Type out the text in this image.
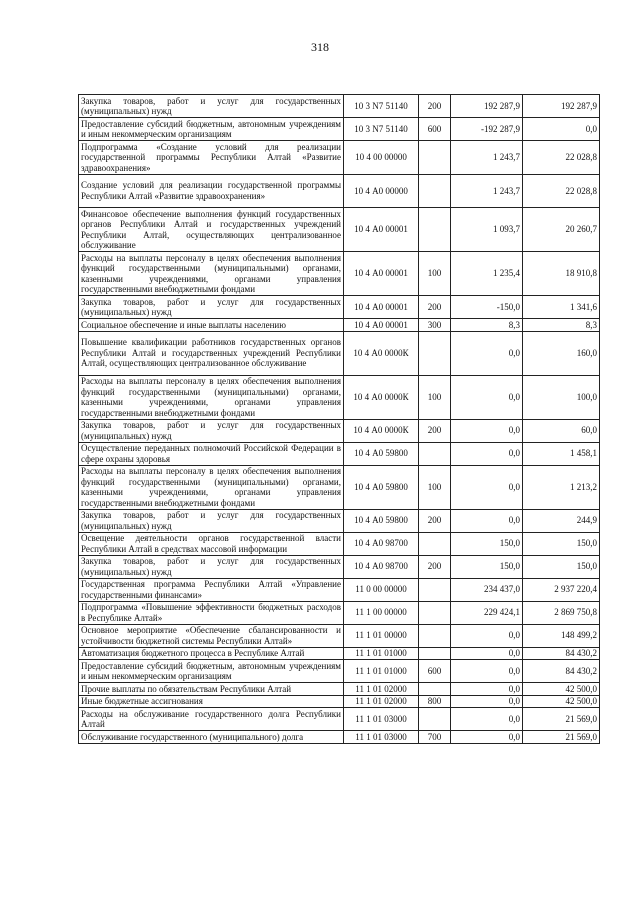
318
Закупка товаров, работ и услуг для государственных (муниципальных) нужд	10 3 N7 51140	200	192 287,9	192 287,9
Предоставление субсидий бюджетным, автономным учреждениям и иным некоммерческим организациям	10 3 N7 51140	600	-192 287,9	0,0
Подпрограмма «Создание условий для реализации государственной программы Республики Алтай «Развитие здравоохранения»	10 4 00 00000		1 243,7	22 028,8
Создание условий для реализации государственной программы Республики Алтай «Развитие здравоохранения»	10 4 А0 00000		1 243,7	22 028,8
Финансовое обеспечение выполнения функций государственных органов Республики Алтай и государственных учреждений Республики Алтай, осуществляющих централизованное обслуживание	10 4 А0 00001		1 093,7	20 260,7
Расходы на выплаты персоналу в целях обеспечения выполнения функций государственными (муниципальными) органами, казенными учреждениями, органами управления государственными внебюджетными фондами	10 4 А0 00001	100	1 235,4	18 910,8
Закупка товаров, работ и услуг для государственных (муниципальных) нужд	10 4 А0 00001	200	-150,0	1 341,6
Социальное обеспечение и иные выплаты населению	10 4 А0 00001	300	8,3	8,3
Повышение квалификации работников государственных органов Республики Алтай и государственных учреждений Республики Алтай, осуществляющих централизованное обслуживание	10 4 А0 0000К		0,0	160,0
Расходы на выплаты персоналу в целях обеспечения выполнения функций государственными (муниципальными) органами, казенными учреждениями, органами управления государственными внебюджетными фондами	10 4 А0 0000К	100	0,0	100,0
Закупка товаров, работ и услуг для государственных (муниципальных) нужд	10 4 А0 0000К	200	0,0	60,0
Осуществление переданных полномочий Российской Федерации в сфере охраны здоровья	10 4 А0 59800		0,0	1 458,1
Расходы на выплаты персоналу в целях обеспечения выполнения функций государственными (муниципальными) органами, казенными учреждениями, органами управления государственными внебюджетными фондами	10 4 А0 59800	100	0,0	1 213,2
Закупка товаров, работ и услуг для государственных (муниципальных) нужд	10 4 А0 59800	200	0,0	244,9
Освещение деятельности органов государственной власти Республики Алтай в средствах массовой информации	10 4 А0 98700		150,0	150,0
Закупка товаров, работ и услуг для государственных (муниципальных) нужд	10 4 А0 98700	200	150,0	150,0
Государственная программа Республики Алтай «Управление государственными финансами»	11 0 00 00000		234 437,0	2 937 220,4
Подпрограмма «Повышение эффективности бюджетных расходов в Республике Алтай»	11 1 00 00000		229 424,1	2 869 750,8
Основное мероприятие «Обеспечение сбалансированности и устойчивости бюджетной системы Республики Алтай»	11 1 01 00000		0,0	148 499,2
Автоматизация бюджетного процесса в Республике Алтай	11 1 01 01000		0,0	84 430,2
Предоставление субсидий бюджетным, автономным учреждениям и иным некоммерческим организациям	11 1 01 01000	600	0,0	84 430,2
Прочие выплаты по обязательствам Республики Алтай	11 1 01 02000		0,0	42 500,0
Иные бюджетные ассигнования	11 1 01 02000	800	0,0	42 500,0
Расходы на обслуживание государственного долга Республики Алтай	11 1 01 03000		0,0	21 569,0
Обслуживание государственного (муниципального) долга	11 1 01 03000	700	0,0	21 569,0
